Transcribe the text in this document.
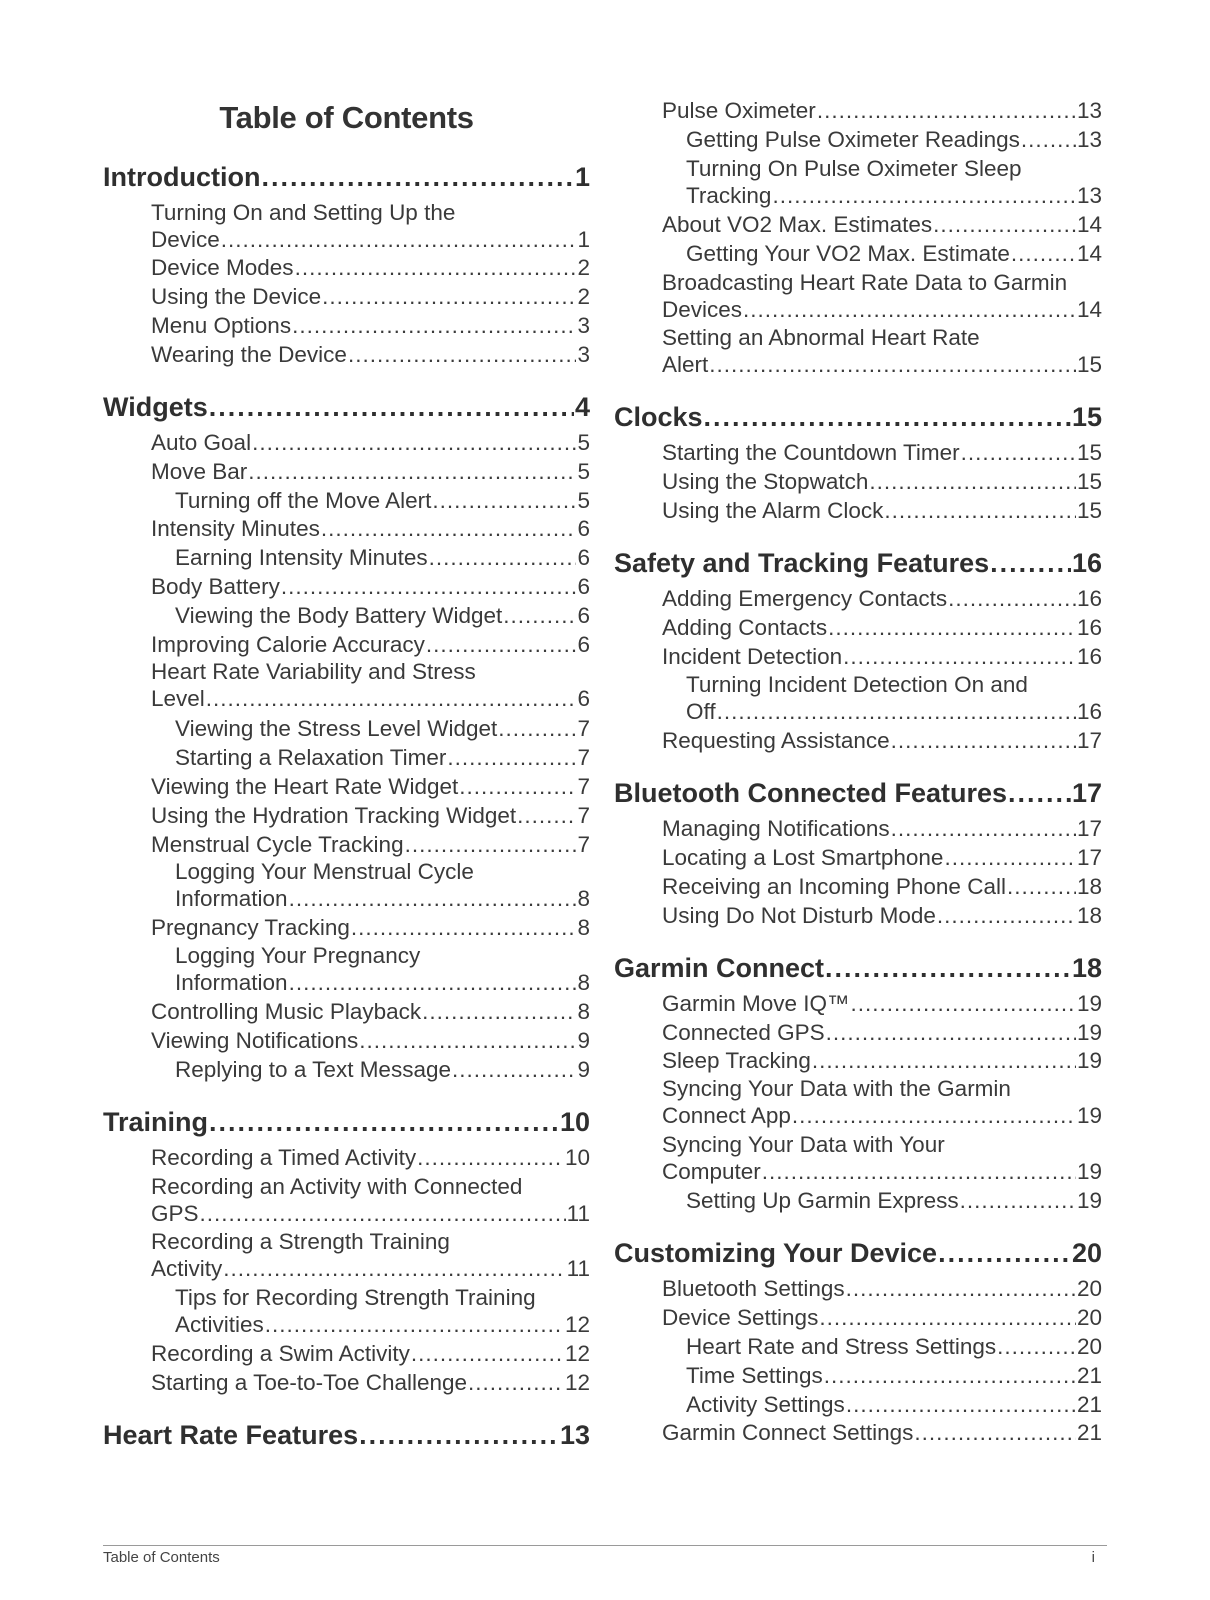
Table of Contents
Introduction .....	1
Turning On and Setting Up the
Device .....	1
Device Modes .....	2
Using the Device .....	2
Menu Options .....	3
Wearing the Device .....	3
Widgets .....	4
Auto Goal .....	5
Move Bar .....	5
Turning off the Move Alert .....	5
Intensity Minutes .....	6
Earning Intensity Minutes .....	6
Body Battery .....	6
Viewing the Body Battery Widget .....	6
Improving Calorie Accuracy .....	6
Heart Rate Variability and Stress
Level .....	6
Viewing the Stress Level Widget .....	7
Starting a Relaxation Timer .....	7
Viewing the Heart Rate Widget .....	7
Using the Hydration Tracking Widget .....	7
Menstrual Cycle Tracking .....	7
Logging Your Menstrual Cycle
Information .....	8
Pregnancy Tracking .....	8
Logging Your Pregnancy
Information .....	8
Controlling Music Playback .....	8
Viewing Notifications .....	9
Replying to a Text Message .....	9
Training .....	10
Recording a Timed Activity .....	10
Recording an Activity with Connected
GPS .....	11
Recording a Strength Training
Activity .....	11
Tips for Recording Strength Training
Activities .....	12
Recording a Swim Activity .....	12
Starting a Toe-to-Toe Challenge .....	12
Heart Rate Features .....	13
Pulse Oximeter .....	13
Getting Pulse Oximeter Readings .....	13
Turning On Pulse Oximeter Sleep
Tracking .....	13
About VO2 Max. Estimates .....	14
Getting Your VO2 Max. Estimate .....	14
Broadcasting Heart Rate Data to Garmin
Devices .....	14
Setting an Abnormal Heart Rate
Alert .....	15
Clocks .....	15
Starting the Countdown Timer .....	15
Using the Stopwatch .....	15
Using the Alarm Clock .....	15
Safety and Tracking Features .....	16
Adding Emergency Contacts .....	16
Adding Contacts .....	16
Incident Detection .....	16
Turning Incident Detection On and
Off .....	16
Requesting Assistance .....	17
Bluetooth Connected Features ..... 17
Managing Notifications .....	17
Locating a Lost Smartphone .....	17
Receiving an Incoming Phone Call .....	18
Using Do Not Disturb Mode .....	18
Garmin Connect .....	18
Garmin Move IQ™ .....	19
Connected GPS .....	19
Sleep Tracking .....	19
Syncing Your Data with the Garmin
Connect App .....	19
Syncing Your Data with Your
Computer .....	19
Setting Up Garmin Express .....	19
Customizing Your Device .....	20
Bluetooth Settings .....	20
Device Settings .....	20
Heart Rate and Stress Settings .....	20
Time Settings .....	21
Activity Settings .....	21
Garmin Connect Settings .....	21
Table of Contents	i
